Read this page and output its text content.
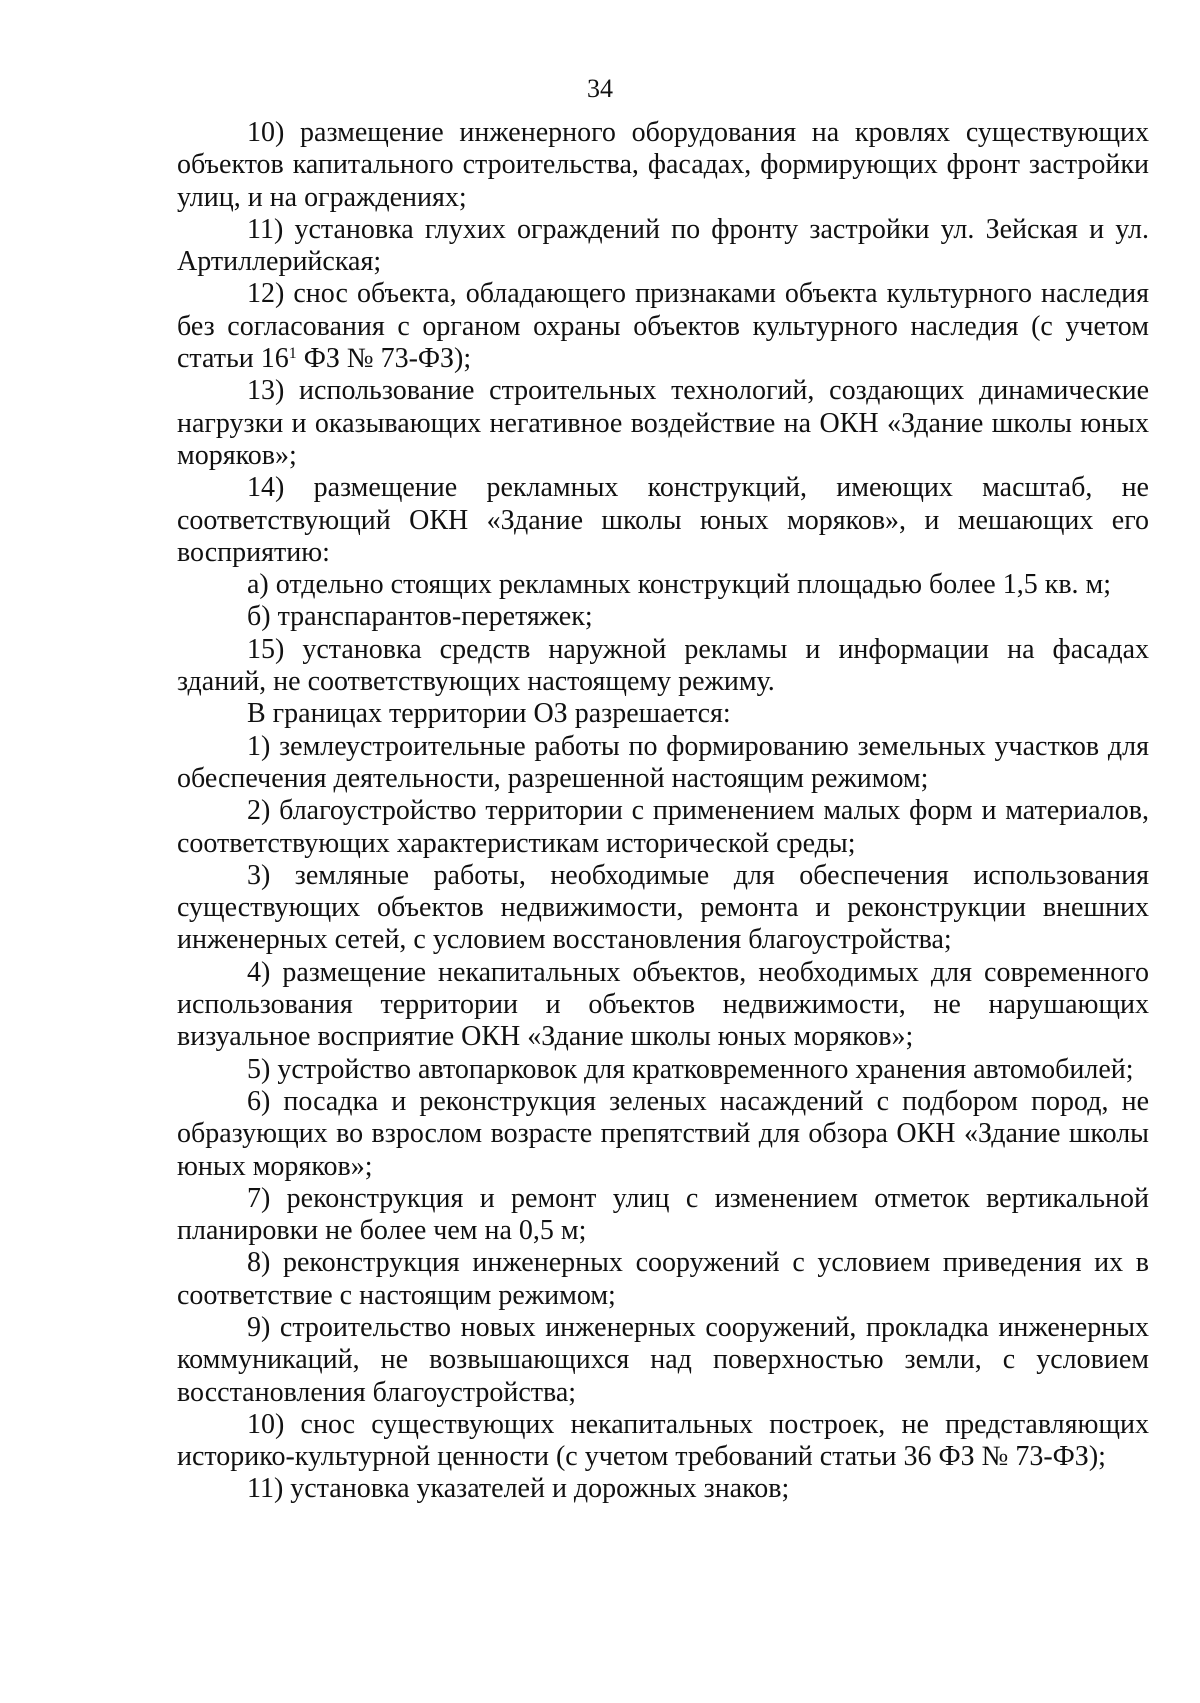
34

10) размещение инженерного оборудования на кровлях существующих объектов капитального строительства, фасадах, формирующих фронт застройки улиц, и на ограждениях;

11) установка глухих ограждений по фронту застройки ул. Зейская и ул. Артиллерийская;

12) снос объекта, обладающего признаками объекта культурного наследия без согласования с органом охраны объектов культурного наследия (с учетом статьи $16^1$ ФЗ № 73-ФЗ);

13) использование строительных технологий, создающих динамические нагрузки и оказывающих негативное воздействие на ОКН «Здание школы юных моряков»;

14) размещение рекламных конструкций, имеющих масштаб, не соответствующий ОКН «Здание школы юных моряков», и мешающих его восприятию:

а) отдельно стоящих рекламных конструкций площадью более 1,5 кв. м;

б) транспарантов-перетяжек;

15) установка средств наружной рекламы и информации на фасадах зданий, не соответствующих настоящему режиму.

В границах территории ОЗ разрешается:

1) землеустроительные работы по формированию земельных участков для обеспечения деятельности, разрешенной настоящим режимом;

2) благоустройство территории с применением малых форм и материалов, соответствующих характеристикам исторической среды;

3) земляные работы, необходимые для обеспечения использования существующих объектов недвижимости, ремонта и реконструкции внешних инженерных сетей, с условием восстановления благоустройства;

4) размещение некапитальных объектов, необходимых для современного использования территории и объектов недвижимости, не нарушающих визуальное восприятие ОКН «Здание школы юных моряков»;

5) устройство автопарковок для кратковременного хранения автомобилей;

6) посадка и реконструкция зеленых насаждений с подбором пород, не образующих во взрослом возрасте препятствий для обзора ОКН «Здание школы юных моряков»;

7) реконструкция и ремонт улиц с изменением отметок вертикальной планировки не более чем на 0,5 м;

8) реконструкция инженерных сооружений с условием приведения их в соответствие с настоящим режимом;

9) строительство новых инженерных сооружений, прокладка инженерных коммуникаций, не возвышающихся над поверхностью земли, с условием восстановления благоустройства;

10) снос существующих некапитальных построек, не представляющих историко-культурной ценности (с учетом требований статьи 36 ФЗ № 73-ФЗ);

11) установка указателей и дорожных знаков;
